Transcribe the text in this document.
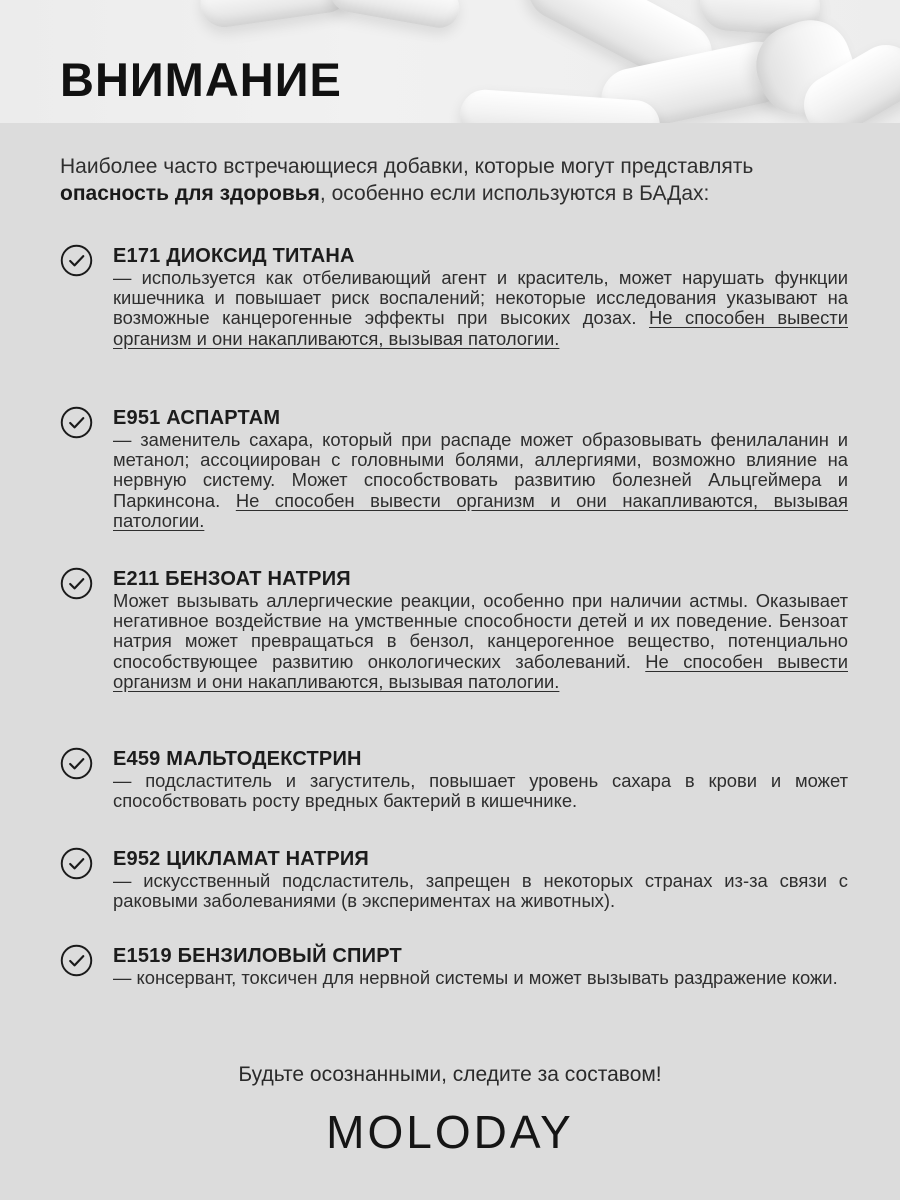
ВНИМАНИЕ

Наиболее часто встречающиеся добавки, которые могут представлять опасность для здоровья, особенно если используются в БАДах:

E171 ДИОКСИД ТИТАНА

— используется как отбеливающий агент и краситель, может нарушать функции кишечника и повышает риск воспалений; некоторые исследования указывают на возможные канцерогенные эффекты при высоких дозах. Не способен вывести организм и они накапливаются, вызывая патологии.

E951 АСПАРТАМ

— заменитель сахара, который при распаде может образовывать фенилаланин и метанол; ассоциирован с головными болями, аллергиями, возможно влияние на нервную систему. Может способствовать развитию болезней Альцгеймера и Паркинсона. Не способен вывести организм и они накапливаются, вызывая патологии.

E211 БЕНЗОАТ НАТРИЯ

Может вызывать аллергические реакции, особенно при наличии астмы. Оказывает негативное воздействие на умственные способности детей и их поведение. Бензоат натрия может превращаться в бензол, канцерогенное вещество, потенциально способствующее развитию онкологических заболеваний. Не способен вывести организм и они накапливаются, вызывая патологии.

E459 МАЛЬТОДЕКСТРИН

— подсластитель и загуститель, повышает уровень сахара в крови и может способствовать росту вредных бактерий в кишечнике.

E952 ЦИКЛАМАТ НАТРИЯ

— искусственный подсластитель, запрещен в некоторых странах из-за связи с раковыми заболеваниями (в экспериментах на животных).

E1519 БЕНЗИЛОВЫЙ СПИРТ

— консервант, токсичен для нервной системы и может вызывать раздражение кожи.

Будьте осознанными, следите за составом!

MOLODAY
